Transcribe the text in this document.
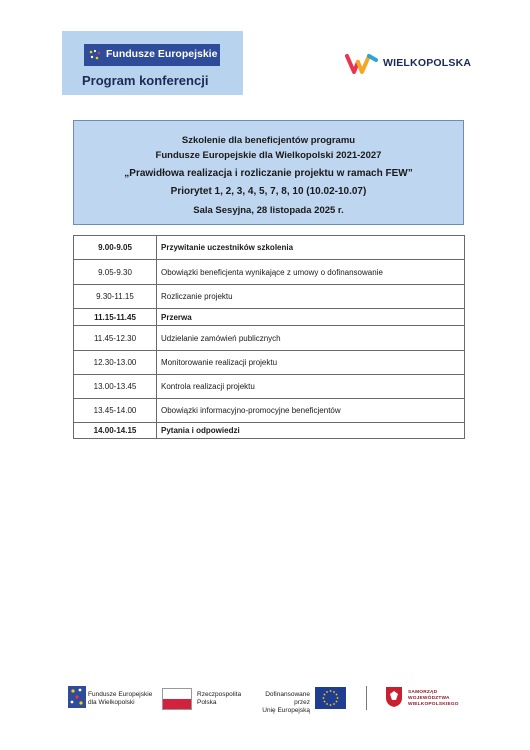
Fundusze Europejskie
Program konferencji
WIELKOPOLSKA
Szkolenie dla beneficjentów programu
Fundusze Europejskie dla Wielkopolski 2021-2027
„Prawidłowa realizacja i rozliczanie projektu w ramach FEW”
Priorytet 1, 2, 3, 4, 5, 7, 8, 10 (10.02-10.07)
Sala Sesyjna, 28 listopada 2025 r.
9.00-9.05	Przywitanie uczestników szkolenia
9.05-9.30	Obowiązki beneficjenta wynikające z umowy o dofinansowanie
9.30-11.15	Rozliczanie projektu
11.15-11.45	Przerwa
11.45-12.30	Udzielanie zamówień publicznych
12.30-13.00	Monitorowanie realizacji projektu
13.00-13.45	Kontrola realizacji projektu
13.45-14.00	Obowiązki informacyjno-promocyjne beneficjentów
14.00-14.15	Pytania i odpowiedzi
Fundusze Europejskie
dla Wielkopolski
Rzeczpospolita
Polska
Dofinansowane przez
Unię Europejską
SAMORZĄD
WOJEWÓDZTWA
WIELKOPOLSKIEGO
